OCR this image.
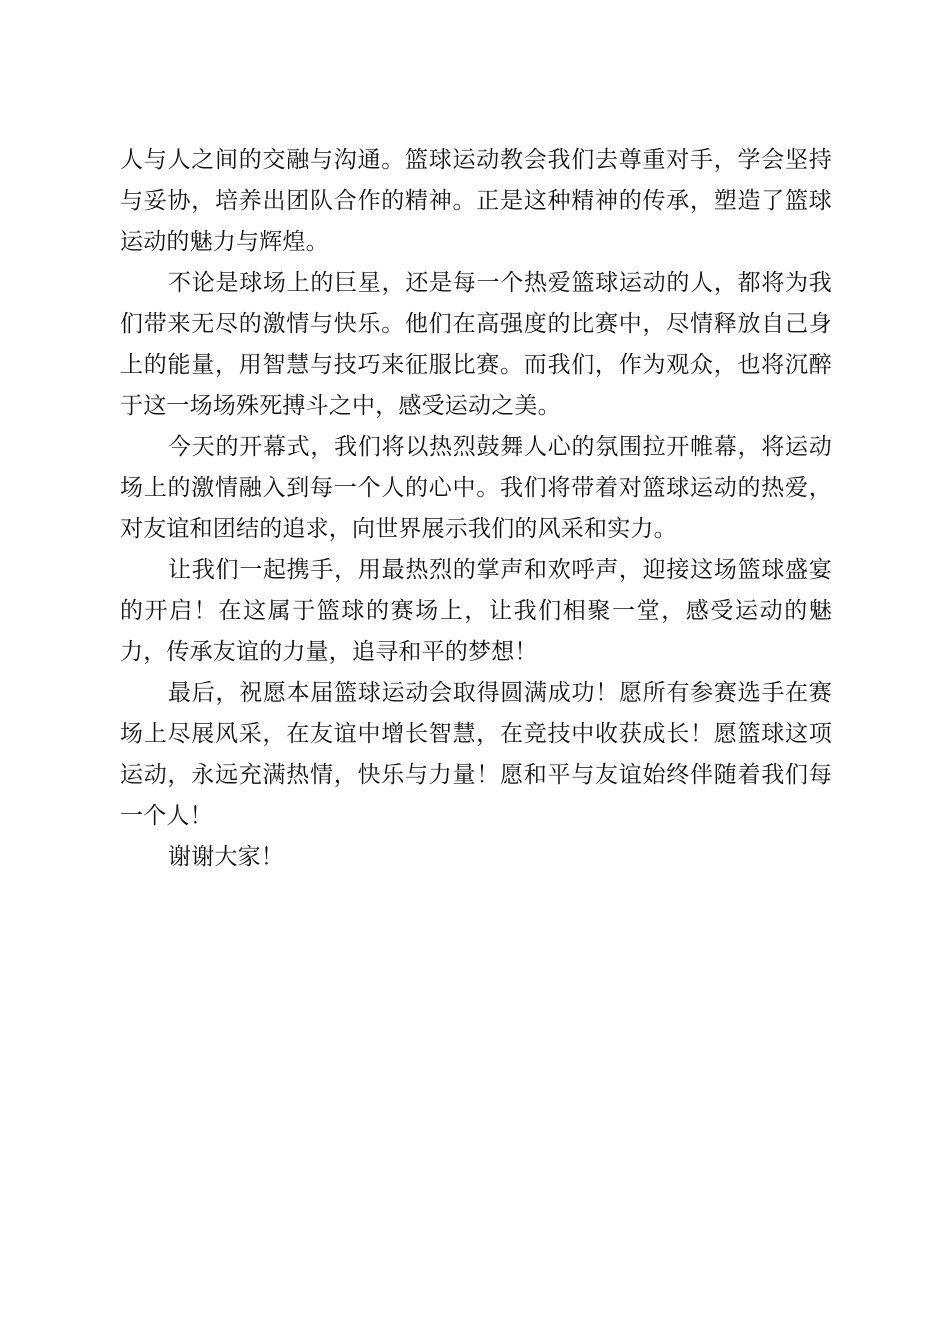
人与人之间的交融与沟通。篮球运动教会我们去尊重对手，学会坚持与妥协，培养出团队合作的精神。正是这种精神的传承，塑造了篮球运动的魅力与辉煌。

不论是球场上的巨星，还是每一个热爱篮球运动的人，都将为我们带来无尽的激情与快乐。他们在高强度的比赛中，尽情释放自己身上的能量，用智慧与技巧来征服比赛。而我们，作为观众，也将沉醉于这一场场殊死搏斗之中，感受运动之美。

今天的开幕式，我们将以热烈鼓舞人心的氛围拉开帷幕，将运动场上的激情融入到每一个人的心中。我们将带着对篮球运动的热爱，对友谊和团结的追求，向世界展示我们的风采和实力。

让我们一起携手，用最热烈的掌声和欢呼声，迎接这场篮球盛宴的开启！在这属于篮球的赛场上，让我们相聚一堂，感受运动的魅力，传承友谊的力量，追寻和平的梦想！

最后，祝愿本届篮球运动会取得圆满成功！愿所有参赛选手在赛场上尽展风采，在友谊中增长智慧，在竞技中收获成长！愿篮球这项运动，永远充满热情，快乐与力量！愿和平与友谊始终伴随着我们每一个人！

谢谢大家！
